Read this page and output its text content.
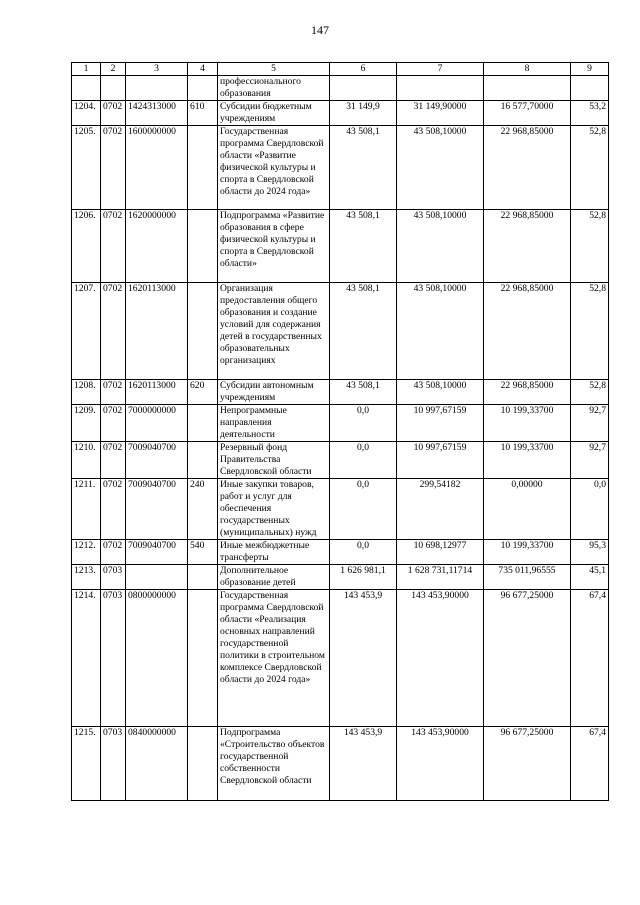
147
1	2	3	4	5	6	7	8	9
				профессионального образования				
1204.	0702	1424313000	610	Субсидии бюджетным учреждениям	31 149,9	31 149,90000	16 577,70000	53,2
1205.	0702	1600000000		Государственная программа Свердловской области «Развитие физической культуры и спорта в Свердловской области до 2024 года»	43 508,1	43 508,10000	22 968,85000	52,8
1206.	0702	1620000000		Подпрограмма «Развитие образования в сфере физической культуры и спорта в Свердловской области»	43 508,1	43 508,10000	22 968,85000	52,8
1207.	0702	1620113000		Организация предоставления общего образования и создание условий для содержания детей в государственных образовательных организациях	43 508,1	43 508,10000	22 968,85000	52,8
1208.	0702	1620113000	620	Субсидии автономным учреждениям	43 508,1	43 508,10000	22 968,85000	52,8
1209.	0702	7000000000		Непрограммные направления деятельности	0,0	10 997,67159	10 199,33700	92,7
1210.	0702	7009040700		Резервный фонд Правительства Свердловской области	0,0	10 997,67159	10 199,33700	92,7
1211.	0702	7009040700	240	Иные закупки товаров, работ и услуг для обеспечения государственных (муниципальных) нужд	0,0	299,54182	0,00000	0,0
1212.	0702	7009040700	540	Иные межбюджетные трансферты	0,0	10 698,12977	10 199,33700	95,3
1213.	0703			Дополнительное образование детей	1 626 981,1	1 628 731,11714	735 011,96555	45,1
1214.	0703	0800000000		Государственная программа Свердловской области «Реализация основных направлений государственной политики в строительном комплексе Свердловской области до 2024 года»	143 453,9	143 453,90000	96 677,25000	67,4
1215.	0703	0840000000		Подпрограмма «Строительство объектов государственной собственности Свердловской области	143 453,9	143 453,90000	96 677,25000	67,4
